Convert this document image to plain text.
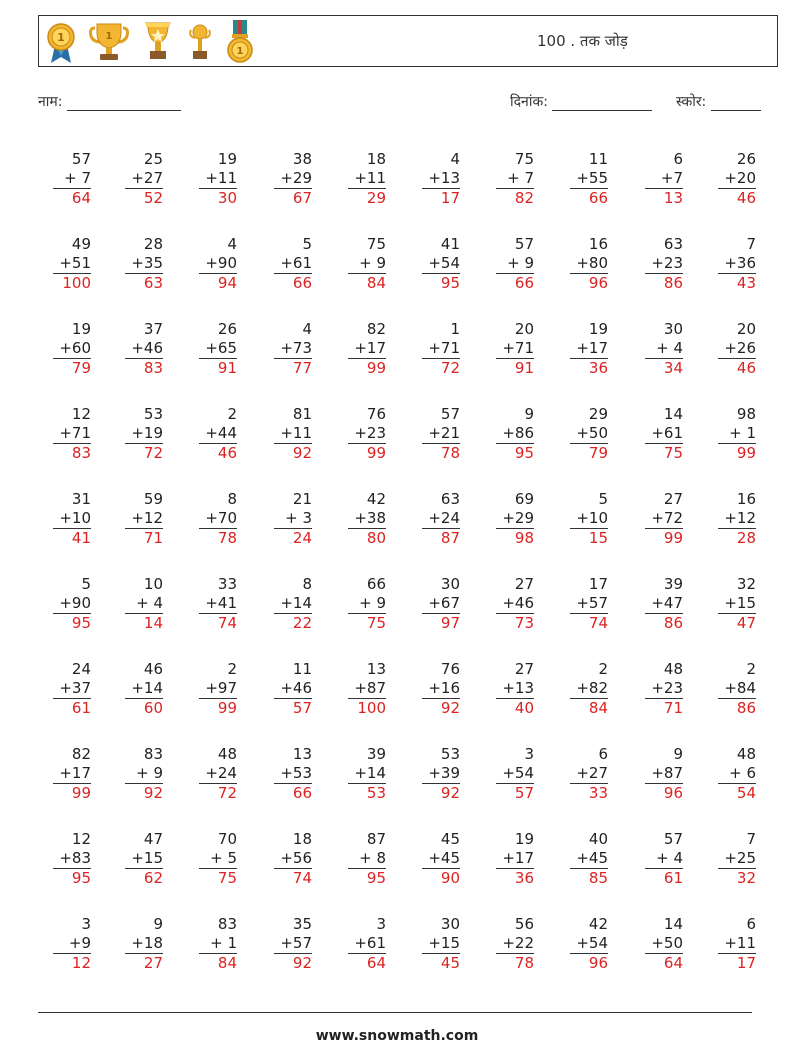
1	1
1
100 . तक जोड़
नाम:	दिनांक:	स्कोर:
57
+ 7
64
25
+27
52
19
+11
30
38
+29
67
18
+11
29
4
+13
17
75
+ 7
82
11
+55
66
6
+7
13
26
+20
46
49
+51
100
28
+35
63
4
+90
94
5
+61
66
75
+ 9
84
41
+54
95
57
+ 9
66
16
+80
96
63
+23
86
7
+36
43
19
+60
79
37
+46
83
26
+65
91
4
+73
77
82
+17
99
1
+71
72
20
+71
91
19
+17
36
30
+ 4
34
20
+26
46
12
+71
83
53
+19
72
2
+44
46
81
+11
92
76
+23
99
57
+21
78
9
+86
95
29
+50
79
14
+61
75
98
+ 1
99
31
+10
41
59
+12
71
8
+70
78
21
+ 3
24
42
+38
80
63
+24
87
69
+29
98
5
+10
15
27
+72
99
16
+12
28
5
+90
95
10
+ 4
14
33
+41
74
8
+14
22
66
+ 9
75
30
+67
97
27
+46
73
17
+57
74
39
+47
86
32
+15
47
24
+37
61
46
+14
60
2
+97
99
11
+46
57
13
+87
100
76
+16
92
27
+13
40
2
+82
84
48
+23
71
2
+84
86
82
+17
99
83
+ 9
92
48
+24
72
13
+53
66
39
+14
53
53
+39
92
3
+54
57
6
+27
33
9
+87
96
48
+ 6
54
12
+83
95
47
+15
62
70
+ 5
75
18
+56
74
87
+ 8
95
45
+45
90
19
+17
36
40
+45
85
57
+ 4
61
7
+25
32
3
+9
12
9
+18
27
83
+ 1
84
35
+57
92
3
+61
64
30
+15
45
56
+22
78
42
+54
96
14
+50
64
6
+11
17
www.snowmath.com
